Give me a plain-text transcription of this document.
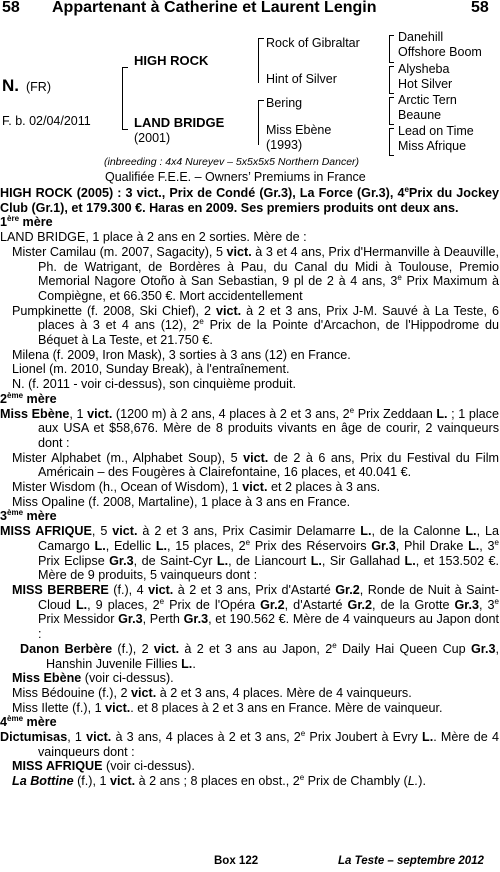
58 Appartenant à Catherine et Laurent Lengin	58
N. (FR)
F. b. 02/04/2011
HIGH ROCK
LAND BRIDGE
(2001)
Rock of Gibraltar
Hint of Silver
Bering
Miss Ebène
(1993)
Danehill
Offshore Boom
Alysheba
Hot Silver
Arctic Tern
Beaune
Lead on Time
Miss Afrique
(inbreeding : 4x4 Nureyev – 5x5x5x5 Northern Dancer)
Qualifiée F.E.E. – Owners’ Premiums in France

HIGH ROCK (2005) : 3 vict., Prix de Condé (Gr.3), La Force (Gr.3), 4ePrix du Jockey Club (Gr.1), et 179.300 €. Haras en 2009. Ses premiers produits ont deux ans.

1ère mère

LAND BRIDGE, 1 place à 2 ans en 2 sorties. Mère de :

Mister Camilau (m. 2007, Sagacity), 5 vict. à 3 et 4 ans, Prix d'Hermanville à Deauville, Ph. de Watrigant, de Bordères à Pau, du Canal du Midi à Toulouse, Premio Memorial Nagore Otoño à San Sebastian, 9 pl de 2 à 4 ans, 3e Prix Maximum à Compiègne, et 66.350 €. Mort accidentellement

Pumpkinette (f. 2008, Ski Chief), 2 vict. à 2 et 3 ans, Prix J-M. Sauvé à La Teste, 6 places à 3 et 4 ans (12), 2e Prix de la Pointe d'Arcachon, de l'Hippodrome du Béquet à La Teste, et 21.750 €.

Milena (f. 2009, Iron Mask), 3 sorties à 3 ans (12) en France.

Lionel (m. 2010, Sunday Break), à l'entraînement.

N. (f. 2011 - voir ci-dessus), son cinquième produit.

2ème mère

Miss Ebène, 1 vict. (1200 m) à 2 ans, 4 places à 2 et 3 ans, 2e Prix Zeddaan L. ; 1 place aux USA et $58,676. Mère de 8 produits vivants en âge de courir, 2 vainqueurs dont :

Mister Alphabet (m., Alphabet Soup), 5 vict. de 2 à 6 ans, Prix du Festival du Film Américain – des Fougères à Clairefontaine, 16 places, et 40.041 €.

Mister Wisdom (h., Ocean of Wisdom), 1 vict. et 2 places à 3 ans.

Miss Opaline (f. 2008, Martaline), 1 place à 3 ans en France.

3ème mère

MISS AFRIQUE, 5 vict. à 2 et 3 ans, Prix Casimir Delamarre L., de la Calonne L., La Camargo L., Edellic L., 15 places, 2e Prix des Réservoirs Gr.3, Phil Drake L., 3e Prix Eclipse Gr.3, de Saint-Cyr L., de Liancourt L., Sir Gallahad L., et 153.502 €. Mère de 9 produits, 5 vainqueurs dont :

MISS BERBERE (f.), 4 vict. à 2 et 3 ans, Prix d'Astarté Gr.2, Ronde de Nuit à Saint-Cloud L., 9 places, 2e Prix de l'Opéra Gr.2, d'Astarté Gr.2, de la Grotte Gr.3, 3e Prix Messidor Gr.3, Perth Gr.3, et 190.562 €. Mère de 4 vainqueurs au Japon dont :

Danon Berbère (f.), 2 vict. à 2 et 3 ans au Japon, 2e Daily Hai Queen Cup Gr.3, Hanshin Juvenile Fillies L..

Miss Ebène (voir ci-dessus).

Miss Bédouine (f.), 2 vict. à 2 et 3 ans, 4 places. Mère de 4 vainqueurs.

Miss Ilette (f.), 1 vict.. et 8 places à 2 et 3 ans en France. Mère de vainqueur.

4ème mère

Dictumisas, 1 vict. à 3 ans, 4 places à 2 et 3 ans, 2e Prix Joubert à Evry L.. Mère de 4 vainqueurs dont :

MISS AFRIQUE (voir ci-dessus).

La Bottine (f.), 1 vict. à 2 ans ; 8 places en obst., 2e Prix de Chambly (L.).

Box 122	La Teste – septembre 2012
